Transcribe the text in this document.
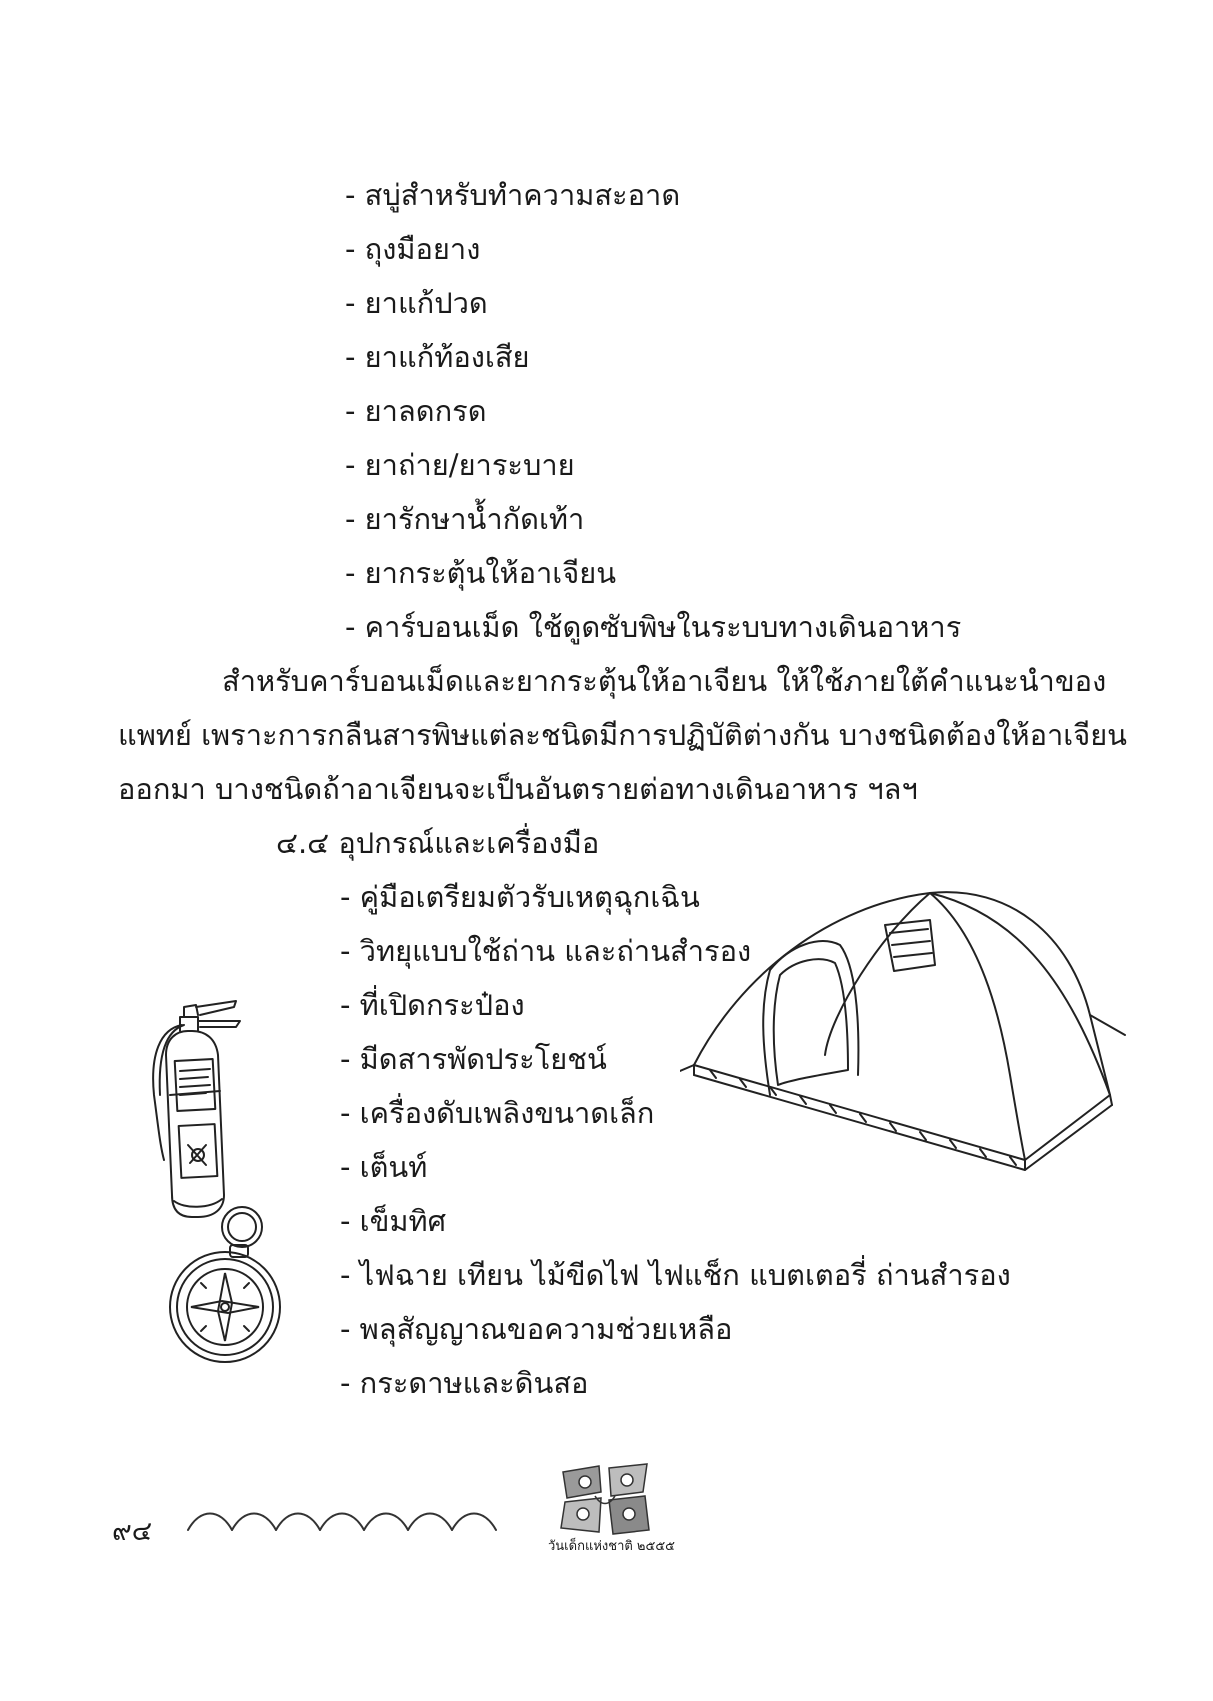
- สบู่สำหรับทำความสะอาด
- ถุงมือยาง
- ยาแก้ปวด
- ยาแก้ท้องเสีย
- ยาลดกรด
- ยาถ่าย/ยาระบาย
- ยารักษาน้ำกัดเท้า
- ยากระตุ้นให้อาเจียน
- คาร์บอนเม็ด ใช้ดูดซับพิษในระบบทางเดินอาหาร
สำหรับคาร์บอนเม็ดและยากระตุ้นให้อาเจียน ให้ใช้ภายใต้คำแนะนำของ
แพทย์ เพราะการกลืนสารพิษแต่ละชนิดมีการปฏิบัติต่างกัน บางชนิดต้องให้อาเจียน
ออกมา บางชนิดถ้าอาเจียนจะเป็นอันตรายต่อทางเดินอาหาร ฯลฯ
๔.๔ อุปกรณ์และเครื่องมือ
- คู่มือเตรียมตัวรับเหตุฉุกเฉิน
- วิทยุแบบใช้ถ่าน และถ่านสำรอง
- ที่เปิดกระป๋อง
- มีดสารพัดประโยชน์
- เครื่องดับเพลิงขนาดเล็ก
- เต็นท์
- เข็มทิศ
- ไฟฉาย เทียน ไม้ขีดไฟ ไฟแช็ก แบตเตอรี่ ถ่านสำรอง
- พลุสัญญาณขอความช่วยเหลือ
- กระดาษและดินสอ
๙๔	วันเด็กแห่งชาติ ๒๕๕๕
